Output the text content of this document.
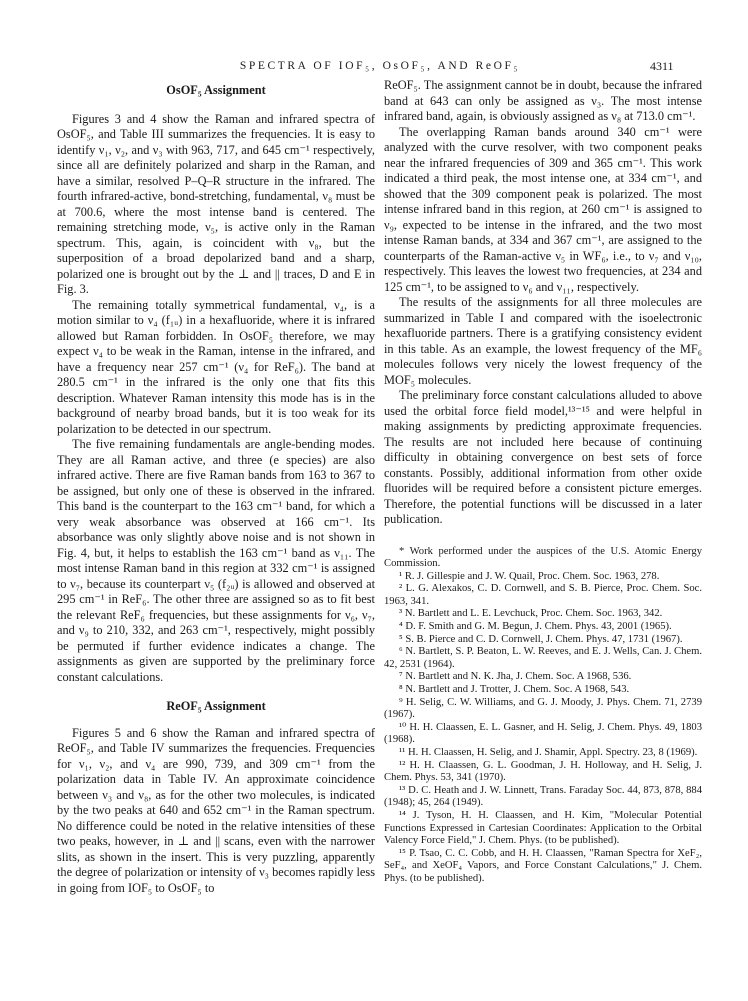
SPECTRA OF IOF₅, OsOF₅, AND ReOF₅	4311
OsOF₅ Assignment

Figures 3 and 4 show the Raman and infrared spectra of OsOF₅, and Table III summarizes the frequencies. It is easy to identify ν₁, ν₂, and ν₃ with 963, 717, and 645 cm⁻¹ respectively, since all are definitely polarized and sharp in the Raman, and have a similar, resolved P–Q–R structure in the infrared. The fourth infrared-active, bond-stretching, fundamental, ν₈ must be at 700.6, where the most intense band is centered. The remaining stretching mode, ν₅, is active only in the Raman spectrum. This, again, is coincident with ν₈, but the superposition of a broad depolarized band and a sharp, polarized one is brought out by the ⊥ and || traces, D and E in Fig. 3.

The remaining totally symmetrical fundamental, ν₄, is a motion similar to ν₄ (f₁ᵤ) in a hexafluoride, where it is infrared allowed but Raman forbidden. In OsOF₅ therefore, we may expect ν₄ to be weak in the Raman, intense in the infrared, and have a frequency near 257 cm⁻¹ (ν₄ for ReF₆). The band at 280.5 cm⁻¹ in the infrared is the only one that fits this description. Whatever Raman intensity this mode has is in the background of nearby broad bands, but it is too weak for its polarization to be detected in our spectrum.

The five remaining fundamentals are angle-bending modes. They are all Raman active, and three (e species) are also infrared active. There are five Raman bands from 163 to 367 to be assigned, but only one of these is observed in the infrared. This band is the counterpart to the 163 cm⁻¹ band, for which a very weak absorbance was observed at 166 cm⁻¹. Its absorbance was only slightly above noise and is not shown in Fig. 4, but, it helps to establish the 163 cm⁻¹ band as ν₁₁. The most intense Raman band in this region at 332 cm⁻¹ is assigned to ν₇, because its counterpart ν₅ (f₂ᵤ) is allowed and observed at 295 cm⁻¹ in ReF₆. The other three are assigned so as to fit best the relevant ReF₆ frequencies, but these assignments for ν₆, ν₇, and ν₉ to 210, 332, and 263 cm⁻¹, respectively, might possibly be permuted if further evidence indicates a change. The assignments as given are supported by the preliminary force constant calculations.

ReOF₅ Assignment

Figures 5 and 6 show the Raman and infrared spectra of ReOF₅, and Table IV summarizes the frequencies. Frequencies for ν₁, ν₂, and ν₄ are 990, 739, and 309 cm⁻¹ from the polarization data in Table IV. An approximate coincidence between ν₃ and ν₈, as for the other two molecules, is indicated by the two peaks at 640 and 652 cm⁻¹ in the Raman spectrum. No difference could be noted in the relative intensities of these two peaks, however, in ⊥ and || scans, even with the narrower slits, as shown in the insert. This is very puzzling, apparently the degree of polarization or intensity of ν₃ becomes rapidly less in going from IOF₅ to OsOF₅ to

ReOF₅. The assignment cannot be in doubt, because the infrared band at 643 can only be assigned as ν₃. The most intense infrared band, again, is obviously assigned as ν₈ at 713.0 cm⁻¹.

The overlapping Raman bands around 340 cm⁻¹ were analyzed with the curve resolver, with two component peaks near the infrared frequencies of 309 and 365 cm⁻¹. This work indicated a third peak, the most intense one, at 334 cm⁻¹, and showed that the 309 component peak is polarized. The most intense infrared band in this region, at 260 cm⁻¹ is assigned to ν₉, expected to be intense in the infrared, and the two most intense Raman bands, at 334 and 367 cm⁻¹, are assigned to the counterparts of the Raman-active ν₅ in WF₆, i.e., to ν₇ and ν₁₀, respectively. This leaves the lowest two frequencies, at 234 and 125 cm⁻¹, to be assigned to ν₆ and ν₁₁, respectively.

The results of the assignments for all three molecules are summarized in Table I and compared with the isoelectronic hexafluoride partners. There is a gratifying consistency evident in this table. As an example, the lowest frequency of the MF₆ molecules follows very nicely the lowest frequency of the MOF₅ molecules.

The preliminary force constant calculations alluded to above used the orbital force field model,¹³⁻¹⁵ and were helpful in making assignments by predicting approximate frequencies. The results are not included here because of continuing difficulty in obtaining convergence on best sets of force constants. Possibly, additional information from other oxide fluorides will be required before a consistent picture emerges. Therefore, the potential functions will be discussed in a later publication.

* Work performed under the auspices of the U.S. Atomic Energy Commission.
¹ R. J. Gillespie and J. W. Quail, Proc. Chem. Soc. 1963, 278.
² L. G. Alexakos, C. D. Cornwell, and S. B. Pierce, Proc. Chem. Soc. 1963, 341.
³ N. Bartlett and L. E. Levchuck, Proc. Chem. Soc. 1963, 342.
⁴ D. F. Smith and G. M. Begun, J. Chem. Phys. 43, 2001 (1965).
⁵ S. B. Pierce and C. D. Cornwell, J. Chem. Phys. 47, 1731 (1967).
⁶ N. Bartlett, S. P. Beaton, L. W. Reeves, and E. J. Wells, Can. J. Chem. 42, 2531 (1964).
⁷ N. Bartlett and N. K. Jha, J. Chem. Soc. A 1968, 536.
⁸ N. Bartlett and J. Trotter, J. Chem. Soc. A 1968, 543.
⁹ H. Selig, C. W. Williams, and G. J. Moody, J. Phys. Chem. 71, 2739 (1967).
¹⁰ H. H. Claassen, E. L. Gasner, and H. Selig, J. Chem. Phys. 49, 1803 (1968).
¹¹ H. H. Claassen, H. Selig, and J. Shamir, Appl. Spectry. 23, 8 (1969).
¹² H. H. Claassen, G. L. Goodman, J. H. Holloway, and H. Selig, J. Chem. Phys. 53, 341 (1970).
¹³ D. C. Heath and J. W. Linnett, Trans. Faraday Soc. 44, 873, 878, 884 (1948); 45, 264 (1949).
¹⁴ J. Tyson, H. H. Claassen, and H. Kim, "Molecular Potential Functions Expressed in Cartesian Coordinates: Application to the Orbital Valency Force Field," J. Chem. Phys. (to be published).
¹⁵ P. Tsao, C. C. Cobb, and H. H. Claassen, "Raman Spectra for XeF₂, SeF₄, and XeOF₄ Vapors, and Force Constant Calculations," J. Chem. Phys. (to be published).
